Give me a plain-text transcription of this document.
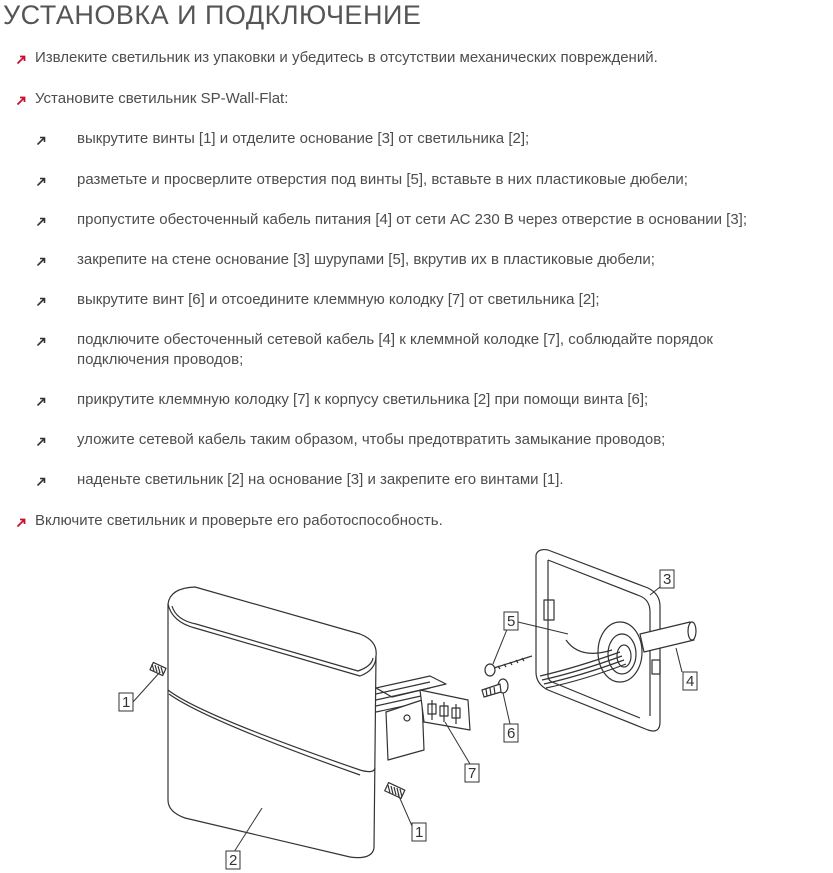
УСТАНОВКА И ПОДКЛЮЧЕНИЕ
Извлеките светильник из упаковки и убедитесь в отсутствии механических повреждений.
Установите светильник SP-Wall-Flat:
выкрутите винты [1] и отделите основание [3] от светильника [2];
разметьте и просверлите отверстия под винты [5], вставьте в них пластиковые дюбели;
пропустите обесточенный кабель питания [4] от сети АС 230 В через отверстие в основании [3];
закрепите на стене основание [3] шурупами [5], вкрутив их в пластиковые дюбели;
выкрутите винт [6] и отсоедините клеммную колодку [7] от светильника [2];
подключите обесточенный сетевой кабель [4] к клеммной колодке [7], соблюдайте порядок
подключения проводов;
прикрутите клеммную колодку [7] к корпусу светильника [2] при помощи винта [6];
уложите сетевой кабель таким образом, чтобы предотвратить замыкание проводов;
наденьте светильник [2] на основание [3] и закрепите его винтами [1].
Включите светильник и проверьте его работоспособность.
1
1
2
3
4
5
6
7
